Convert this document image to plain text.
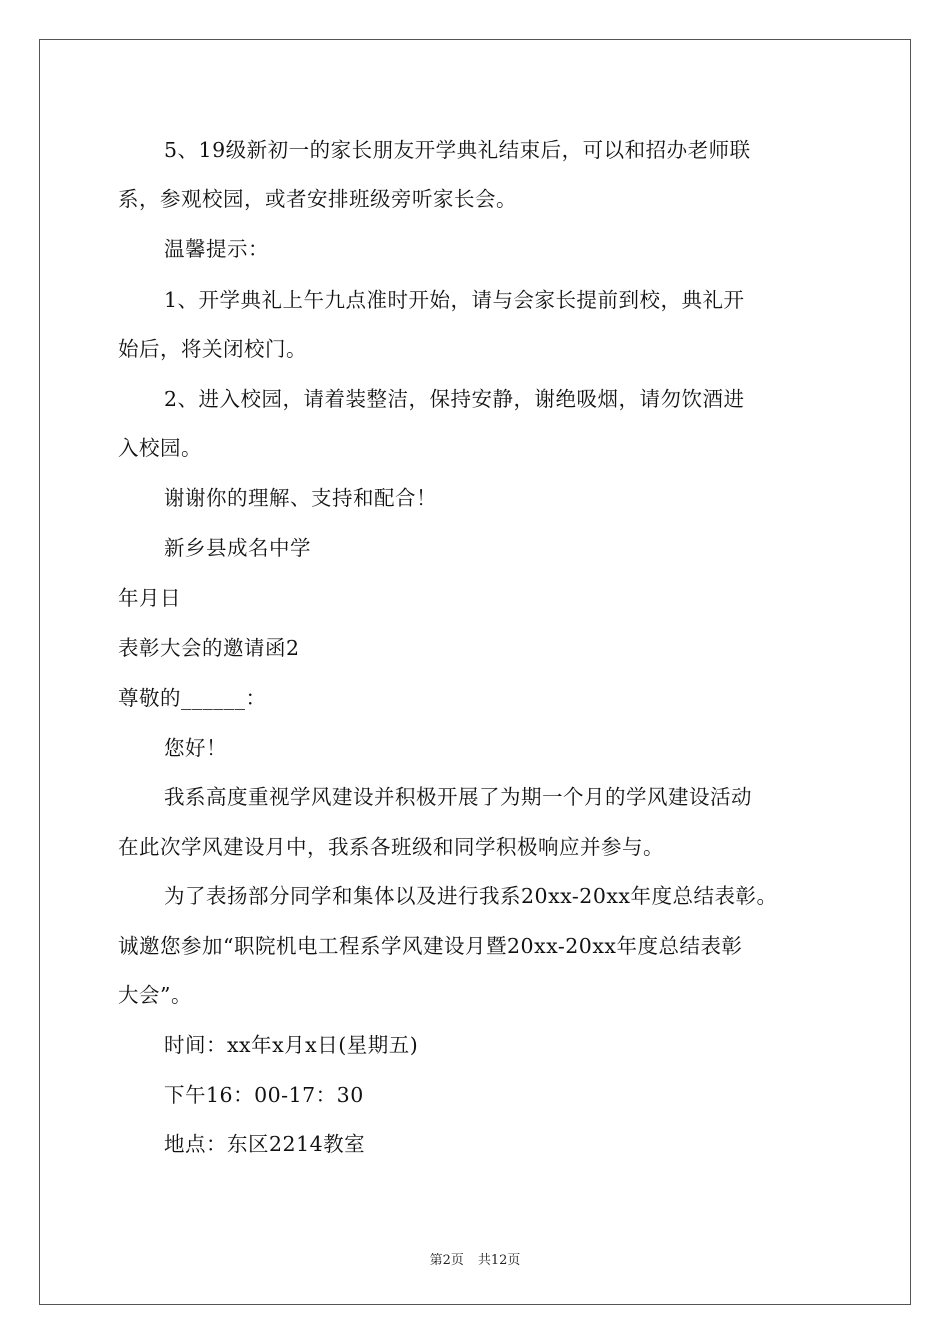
5、19级新初一的家长朋友开学典礼结束后，可以和招办老师联
系，参观校园，或者安排班级旁听家长会。
温馨提示：
1、开学典礼上午九点准时开始，请与会家长提前到校，典礼开
始后，将关闭校门。
2、进入校园，请着装整洁，保持安静，谢绝吸烟，请勿饮酒进
入校园。
谢谢你的理解、支持和配合！
新乡县成名中学
年月日
表彰大会的邀请函2
尊敬的______：
您好！
我系高度重视学风建设并积极开展了为期一个月的学风建设活动
在此次学风建设月中，我系各班级和同学积极响应并参与。
为了表扬部分同学和集体以及进行我系20xx-20xx年度总结表彰。
诚邀您参加“职院机电工程系学风建设月暨20xx-20xx年度总结表彰
大会”。
时间：xx年x月x日(星期五)
下午16：00-17：30
地点：东区2214教室
第2页 共12页
